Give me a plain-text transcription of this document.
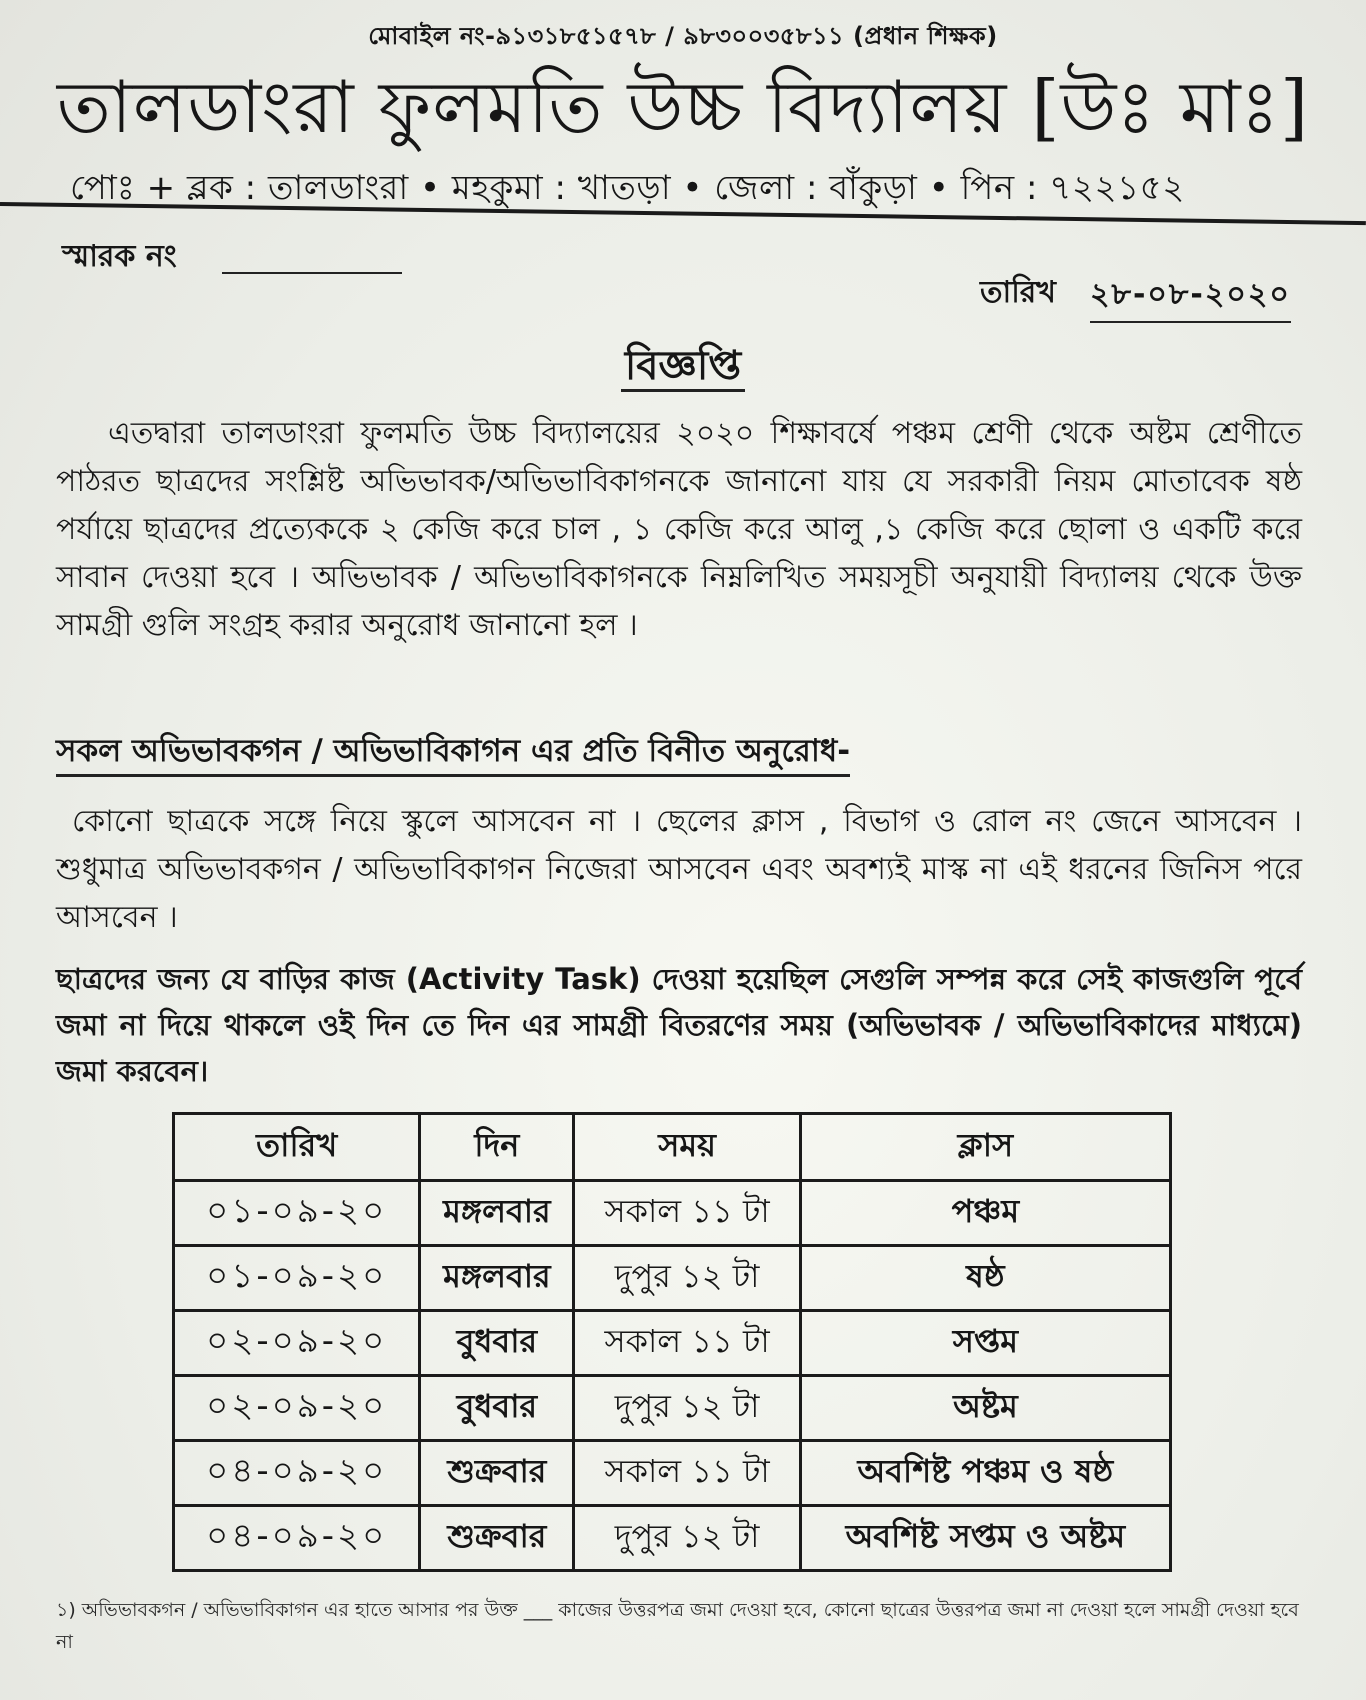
মোবাইল নং-৯১৩১৮৫১৫৭৮ / ৯৮৩০০৩৫৮১১ (প্রধান শিক্ষক)
তালডাংরা ফুলমতি উচ্চ বিদ্যালয় [উঃ মাঃ]
পোঃ + ব্লক : তালডাংরা • মহকুমা : খাতড়া • জেলা : বাঁকুড়া • পিন : ৭২২১৫২
স্মারক নং
তারিখ ২৮-০৮-২০২০
বিজ্ঞপ্তি
এতদ্বারা তালডাংরা ফুলমতি উচ্চ বিদ্যালয়ের ২০২০ শিক্ষাবর্ষে পঞ্চম শ্রেণী থেকে অষ্টম শ্রেণীতে পাঠরত ছাত্রদের সংশ্লিষ্ট অভিভাবক/অভিভাবিকাগনকে জানানো যায় যে সরকারী নিয়ম মোতাবেক ষষ্ঠ পর্যায়ে ছাত্রদের প্রত্যেককে ২ কেজি করে চাল , ১ কেজি করে আলু ,১ কেজি করে ছোলা ও একটি করে সাবান দেওয়া হবে । অভিভাবক / অভিভাবিকাগনকে নিম্নলিখিত সময়সূচী অনুযায়ী বিদ্যালয় থেকে উক্ত সামগ্রী গুলি সংগ্রহ করার অনুরোধ জানানো হল ।
সকল অভিভাবকগন / অভিভাবিকাগন এর প্রতি বিনীত অনুরোধ-
কোনো ছাত্রকে সঙ্গে নিয়ে স্কুলে আসবেন না । ছেলের ক্লাস , বিভাগ ও রোল নং জেনে আসবেন । শুধুমাত্র অভিভাবকগন / অভিভাবিকাগন নিজেরা আসবেন এবং অবশ্যই মাস্ক না এই ধরনের জিনিস পরে আসবেন ।
ছাত্রদের জন্য যে বাড়ির কাজ (Activity Task) দেওয়া হয়েছিল সেগুলি সম্পন্ন করে সেই কাজগুলি পূর্বে জমা না দিয়ে থাকলে ওই দিন তে দিন এর সামগ্রী বিতরণের সময় (অভিভাবক / অভিভাবিকাদের মাধ্যমে) জমা করবেন।
তারিখ	দিন	সময়	ক্লাস
০১-০৯-২০	মঙ্গলবার	সকাল ১১ টা	পঞ্চম
০১-০৯-২০	মঙ্গলবার	দুপুর ১২ টা	ষষ্ঠ
০২-০৯-২০	বুধবার	সকাল ১১ টা	সপ্তম
০২-০৯-২০	বুধবার	দুপুর ১২ টা	অষ্টম
০৪-০৯-২০	শুক্রবার	সকাল ১১ টা	অবশিষ্ট পঞ্চম ও ষষ্ঠ
০৪-০৯-২০	শুক্রবার	দুপুর ১২ টা	অবশিষ্ট সপ্তম ও অষ্টম
১) অভিভাবকগন / অভিভাবিকাগন এর হাতে আসার পর উক্ত ___ কাজের উত্তরপত্র জমা দেওয়া হবে, কোনো ছাত্রের উত্তরপত্র জমা না দেওয়া হলে সামগ্রী দেওয়া হবে না
